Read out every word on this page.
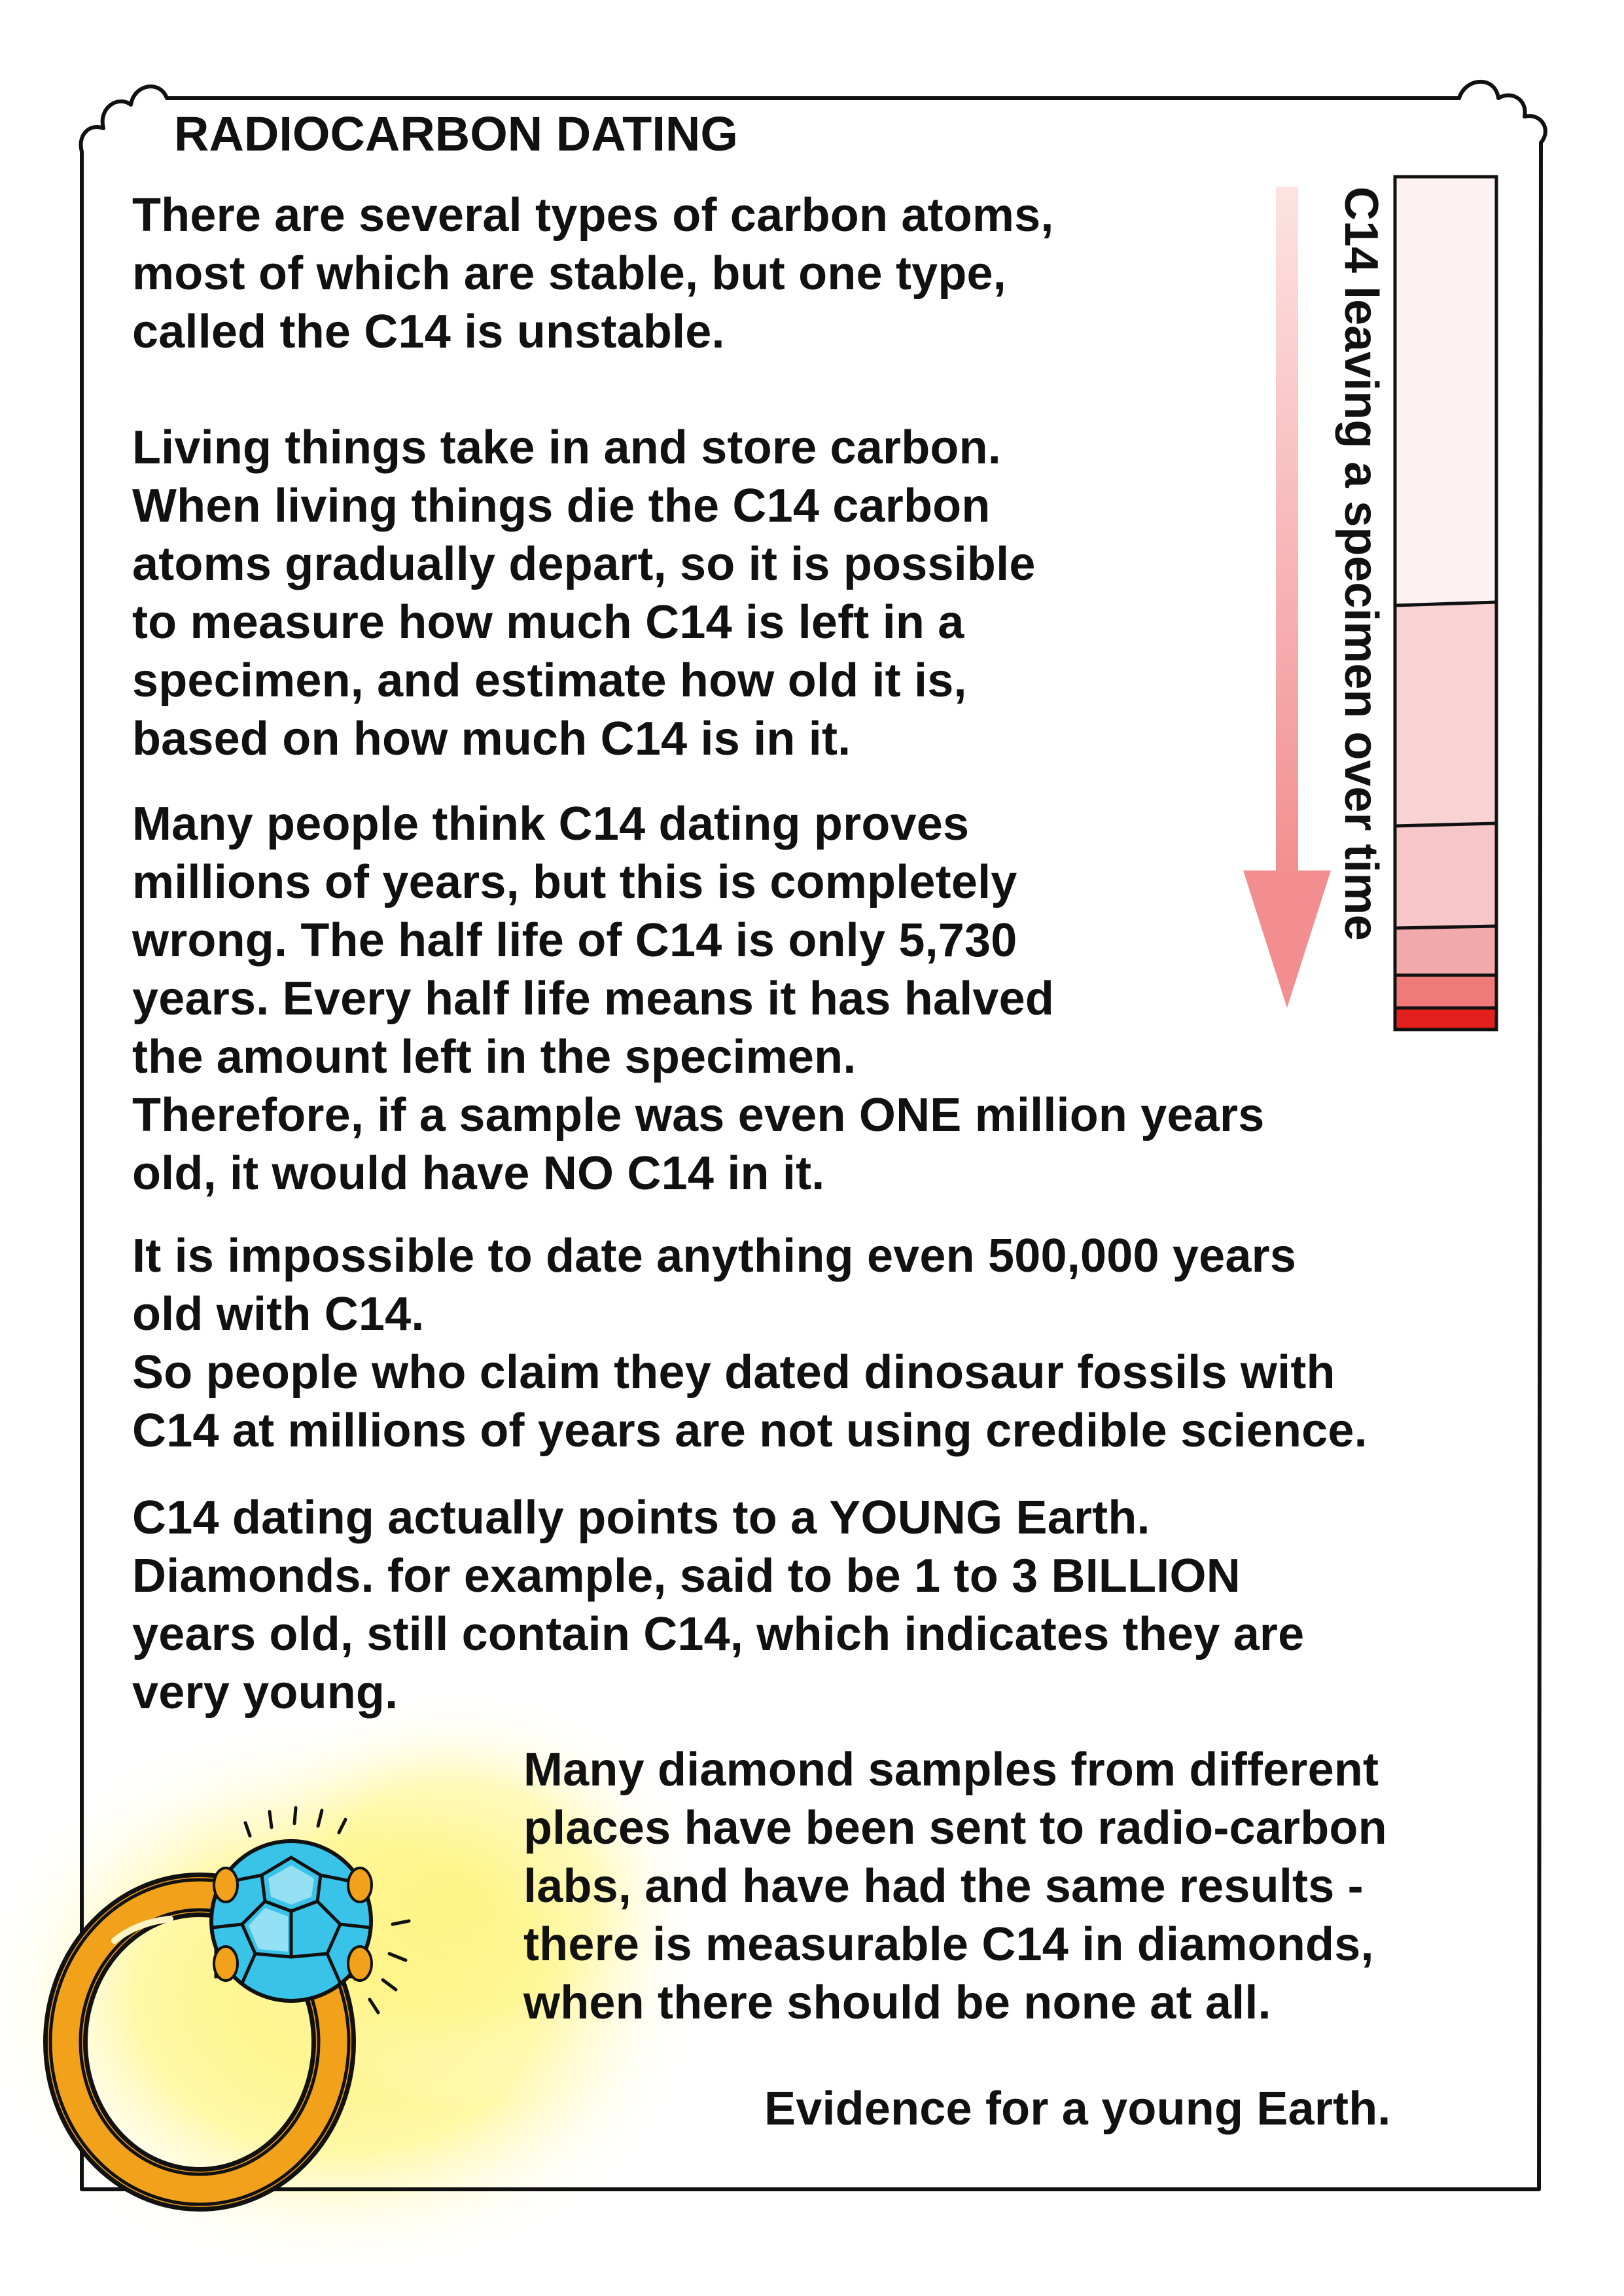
RADIOCARBON DATING
C14 leaving a specimen over time
There are several types of carbon atoms,
most of which are stable, but one type,
called the C14 is unstable.
Living things take in and store carbon.
When living things die the C14 carbon
atoms gradually depart, so it is possible
to measure how much C14 is left in a
specimen, and estimate how old it is,
based on how much C14 is in it.
Many people think C14 dating proves
millions of years, but this is completely
wrong. The half life of C14 is only 5,730
years. Every half life means it has halved
the amount left in the specimen.
Therefore, if a sample was even ONE million years
old, it would have NO C14 in it.
It is impossible to date anything even 500,000 years
old with C14.
So people who claim they dated dinosaur fossils with
C14 at millions of years are not using credible science.
C14 dating actually points to a YOUNG Earth.
Diamonds. for example, said to be 1 to 3 BILLION
years old, still contain C14, which indicates they are
very young.
Many diamond samples from different
places have been sent to radio-carbon
labs, and have had the same results -
there is measurable C14 in diamonds,
when there should be none at all.
Evidence for a young Earth.
